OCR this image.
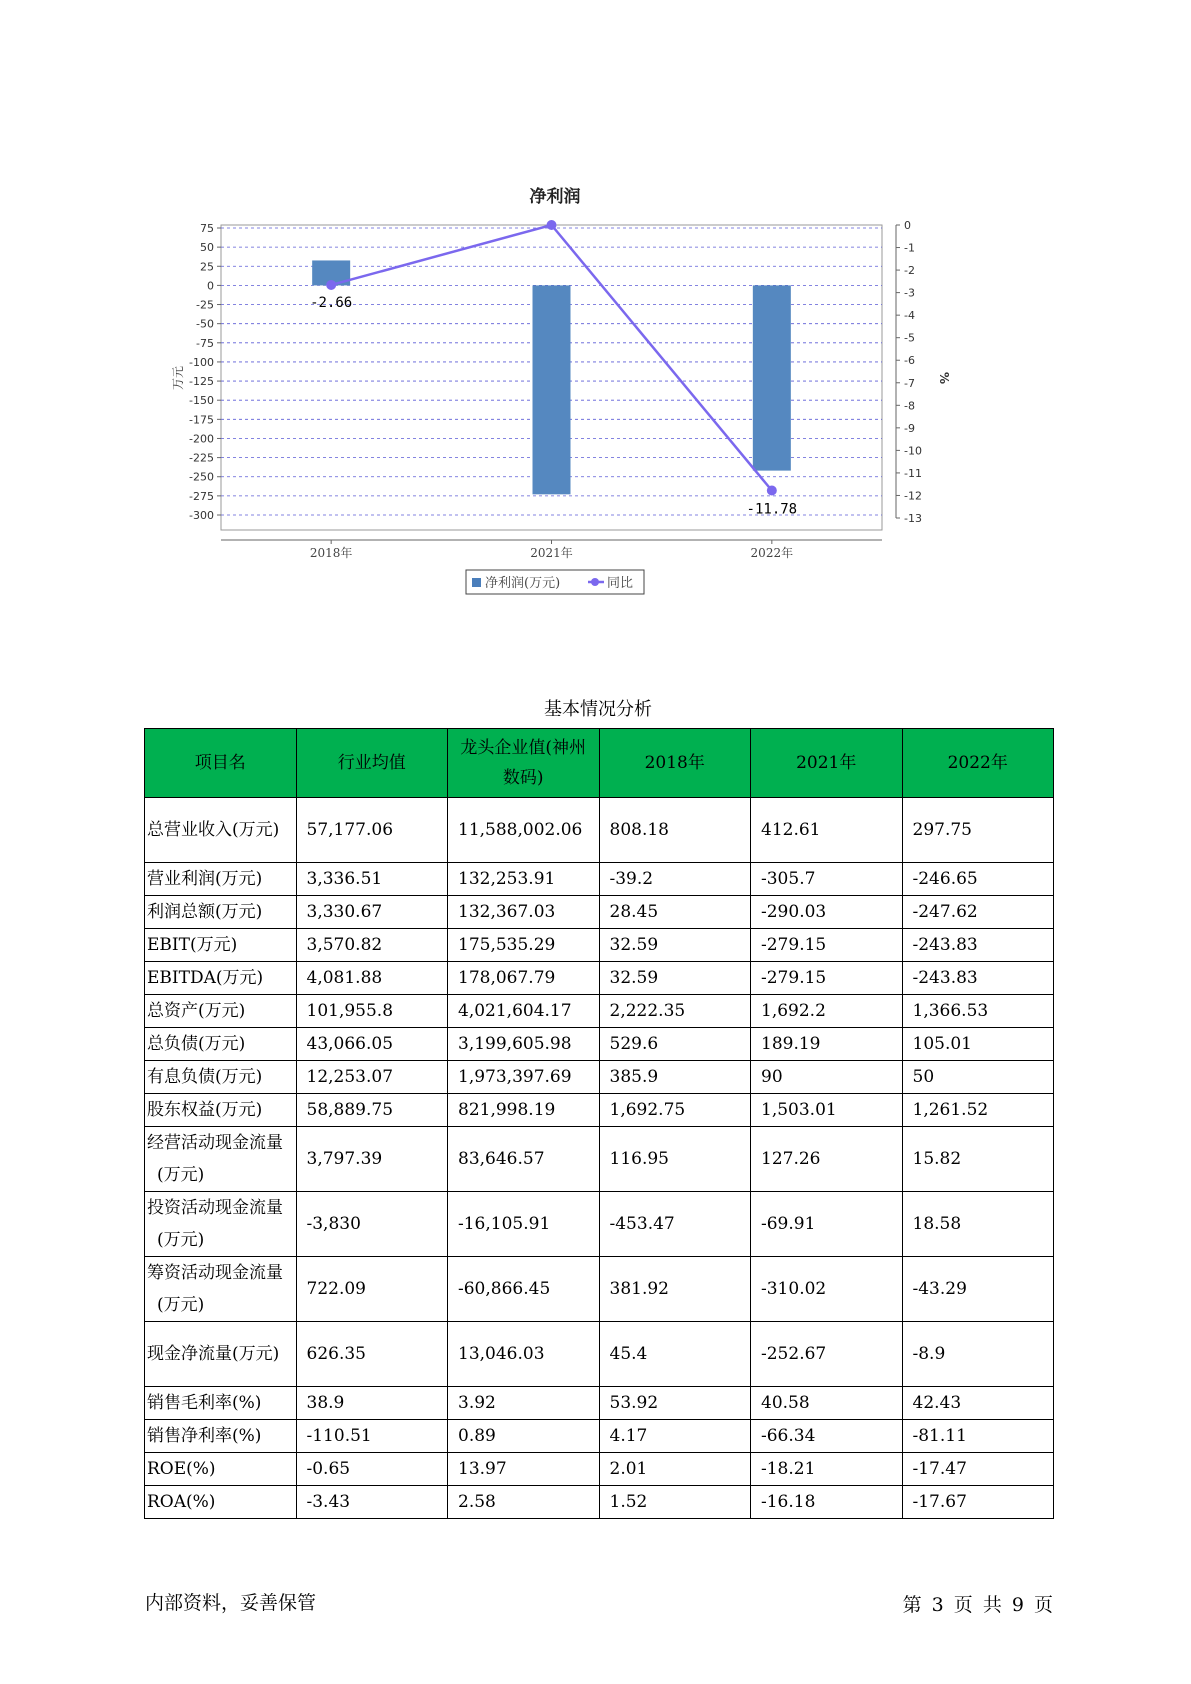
净利润
75
50
25
0
-25
-50
-75
-100
-125
-150
-175
-200
-225
-250
-275
-300
0
-1
-2
-3
-4
-5
-6
-7
-8
-9
-10
-11
-12
-13
万元	%
2018年	2021年	2022年
-2.66
-11.78
净利润(万元)	同比
基本情况分析
项目名	行业均值	龙头企业值(神州数码)	2018年	2021年	2022年
总营业收入(万元)	57,177.06	11,588,002.06	808.18	412.61	297.75
营业利润(万元)	3,336.51	132,253.91	-39.2	-305.7	-246.65
利润总额(万元)	3,330.67	132,367.03	28.45	-290.03	-247.62
EBIT(万元)	3,570.82	175,535.29	32.59	-279.15	-243.83
EBITDA(万元)	4,081.88	178,067.79	32.59	-279.15	-243.83
总资产(万元)	101,955.8	4,021,604.17	2,222.35	1,692.2	1,366.53
总负债(万元)	43,066.05	3,199,605.98	529.6	189.19	105.01
有息负债(万元)	12,253.07	1,973,397.69	385.9	90	50
股东权益(万元)	58,889.75	821,998.19	1,692.75	1,503.01	1,261.52
经营活动现金流量(万元)	3,797.39	83,646.57	116.95	127.26	15.82
投资活动现金流量(万元)	-3,830	-16,105.91	-453.47	-69.91	18.58
筹资活动现金流量(万元)	722.09	-60,866.45	381.92	-310.02	-43.29
现金净流量(万元)	626.35	13,046.03	45.4	-252.67	-8.9
销售毛利率(%)	38.9	3.92	53.92	40.58	42.43
销售净利率(%)	-110.51	0.89	4.17	-66.34	-81.11
ROE(%)	-0.65	13.97	2.01	-18.21	-17.47
ROA(%)	-3.43	2.58	1.52	-16.18	-17.67
内部资料，妥善保管	第 3 页 共 9 页
